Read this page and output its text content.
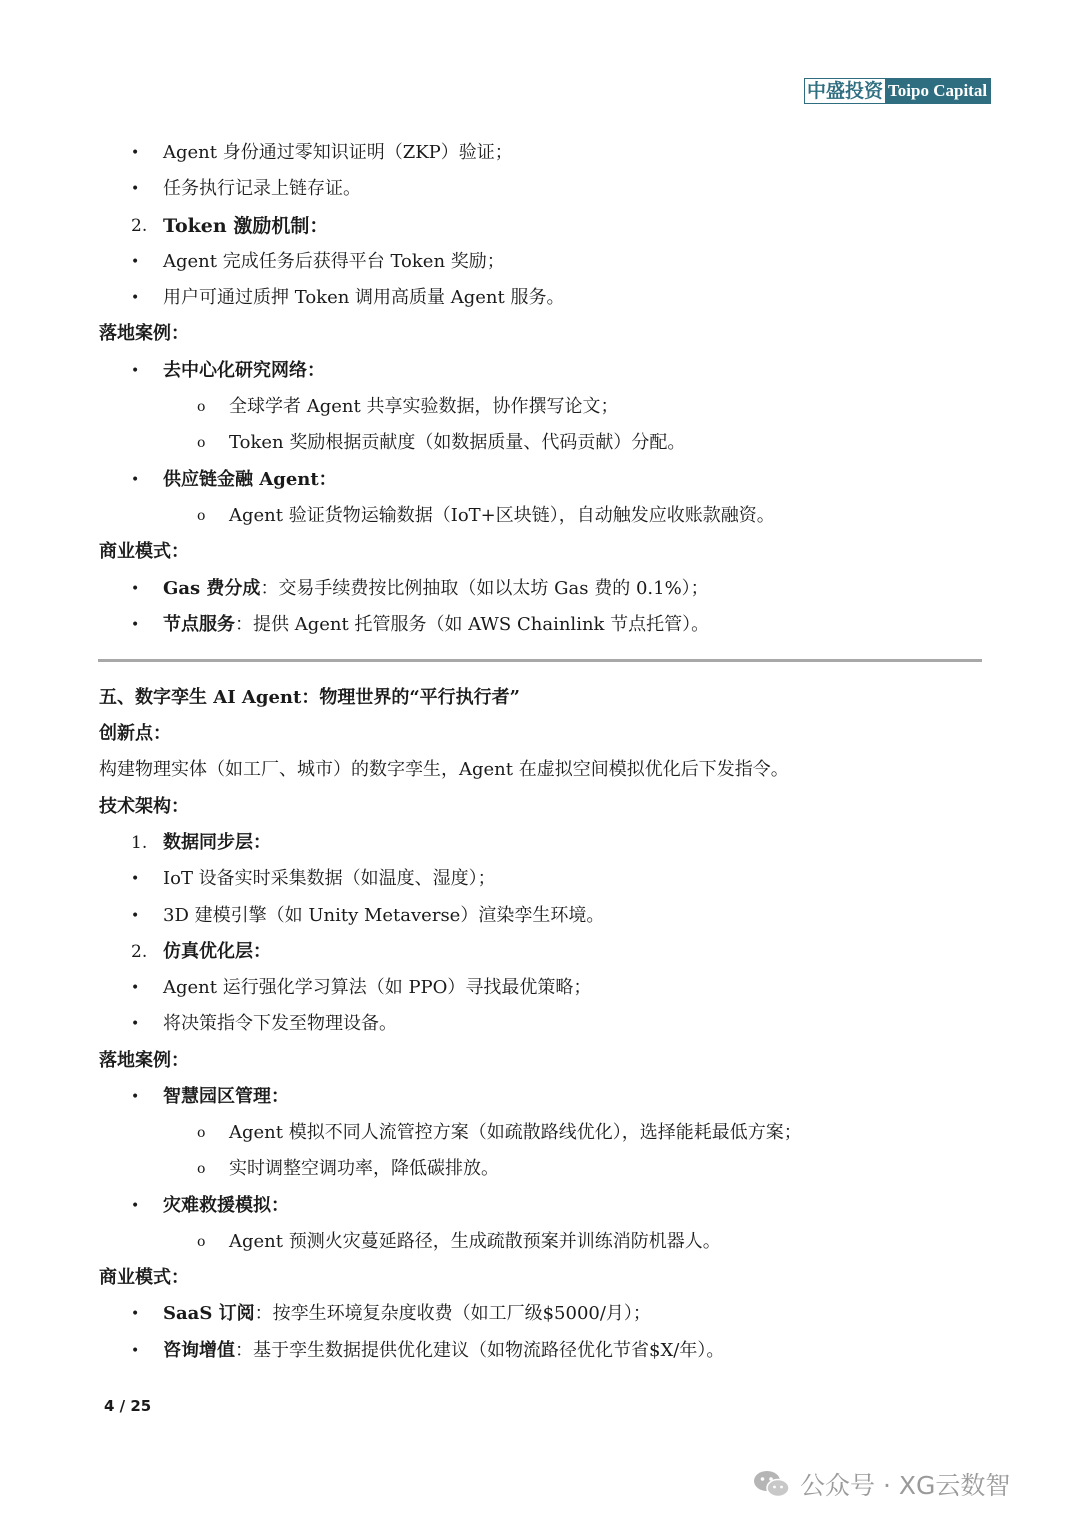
中盛投资 Toipo Capital
• Agent 身份通过零知识证明（ZKP）验证；
• 任务执行记录上链存证。
2. Token 激励机制：
• Agent 完成任务后获得平台 Token 奖励；
• 用户可通过质押 Token 调用高质量 Agent 服务。
落地案例：
• 去中心化研究网络：
o 全球学者 Agent 共享实验数据，协作撰写论文；
o Token 奖励根据贡献度（如数据质量、代码贡献）分配。
• 供应链金融 Agent：
o Agent 验证货物运输数据（IoT+区块链），自动触发应收账款融资。
商业模式：
• Gas 费分成：交易手续费按比例抽取（如以太坊 Gas 费的 0.1%）；
• 节点服务：提供 Agent 托管服务（如 AWS Chainlink 节点托管）。
五、数字孪生 AI Agent：物理世界的“平行执行者”
创新点：
构建物理实体（如工厂、城市）的数字孪生，Agent 在虚拟空间模拟优化后下发指令。
技术架构：
1. 数据同步层：
• IoT 设备实时采集数据（如温度、湿度）；
• 3D 建模引擎（如 Unity Metaverse）渲染孪生环境。
2. 仿真优化层：
• Agent 运行强化学习算法（如 PPO）寻找最优策略；
• 将决策指令下发至物理设备。
落地案例：
• 智慧园区管理：
o Agent 模拟不同人流管控方案（如疏散路线优化），选择能耗最低方案；
o 实时调整空调功率，降低碳排放。
• 灾难救援模拟：
o Agent 预测火灾蔓延路径，生成疏散预案并训练消防机器人。
商业模式：
• SaaS 订阅：按孪生环境复杂度收费（如工厂级$5000/月）；
• 咨询增值：基于孪生数据提供优化建议（如物流路径优化节省$X/年）。
4 / 25
公众号 · XG云数智
